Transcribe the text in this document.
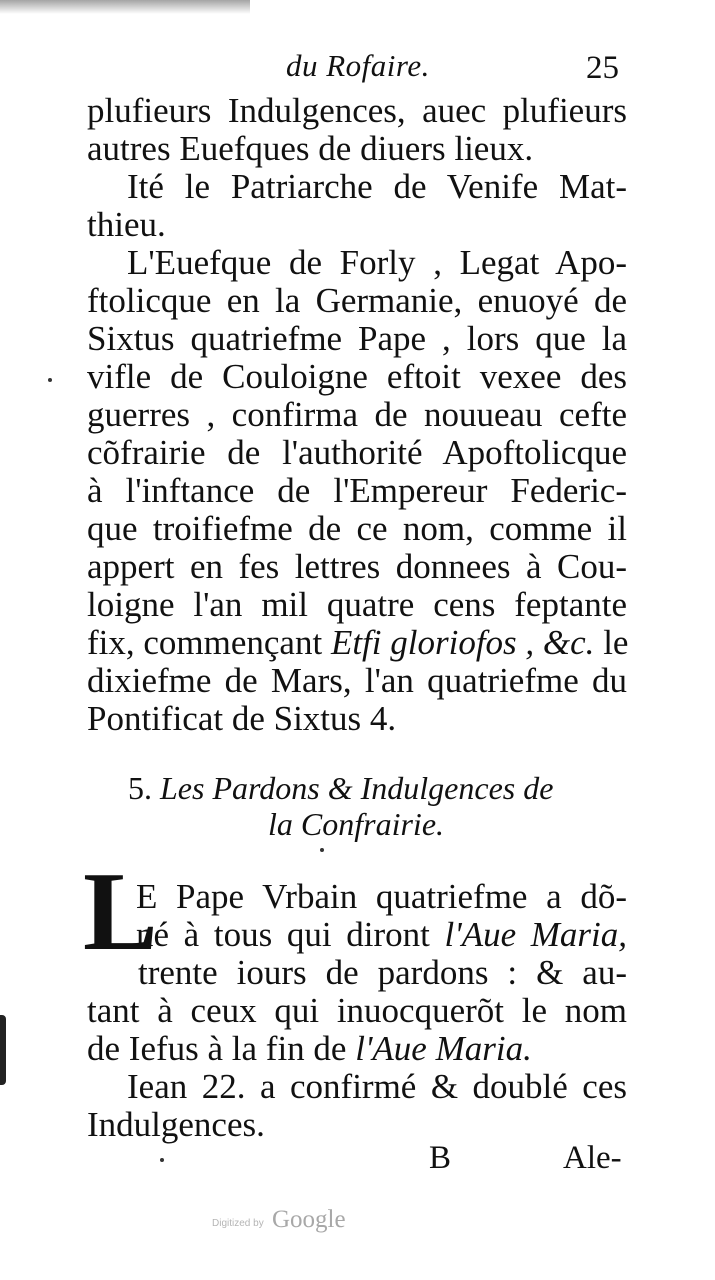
du Rofaire.	25
plufieurs Indulgences, auec plufieurs
autres Euefques de diuers lieux.
Ité le Patriarche de Venife Mat-
thieu.
L'Euefque de Forly , Legat Apo-
ftolicque en la Germanie, enuoyé de
Sixtus quatriefme Pape , lors que la
vifle de Couloigne eftoit vexee des
guerres , confirma de nouueau cefte
cõfrairie de l'authorité Apoftolicque
à l'inftance de l'Empereur Federic-
que troifiefme de ce nom, comme il
appert en fes lettres donnees à Cou-
loigne l'an mil quatre cens feptante
fix, commençant Etfi gloriofos , &c. le
dixiefme de Mars, l'an quatriefme du
Pontificat de Sixtus 4.
5. Les Pardons & Indulgences de
la Confrairie.
L
E Pape Vrbain quatriefme a dõ-
né à tous qui diront l'Aue Maria,
trente iours de pardons : & au-
tant à ceux qui inuocquerõt le nom
de Iefus à la fin de l'Aue Maria.
Iean 22. a confirmé & doublé ces
Indulgences.
B	Ale-
Digitized by Google
